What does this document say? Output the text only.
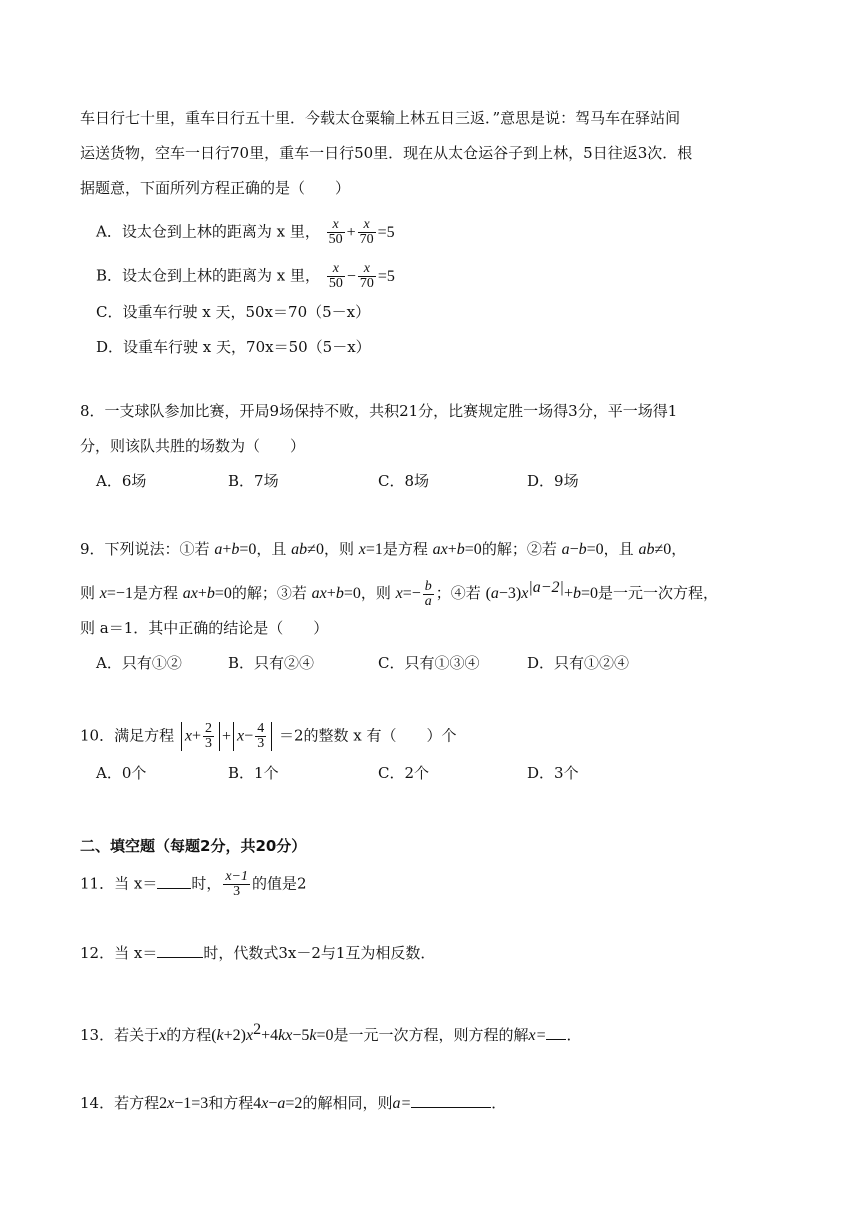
车日行七十里，重车日行五十里．今载太仓粟输上林五日三返．”意思是说：驾马车在驿站间
运送货物，空车一日行70里，重车一日行50里．现在从太仓运谷子到上林，5日往返3次．根
据题意，下面所列方程正确的是（　　）
A．设太仓到上林的距离为 x 里， $\frac{x}{50} + \frac{x}{70} =5$
B．设太仓到上林的距离为 x 里， $\frac{x}{50} - \frac{x}{70} =5$
C．设重车行驶 x 天，50x＝70（5－x）
D．设重车行驶 x 天，70x＝50（5－x）
8．一支球队参加比赛，开局9场保持不败，共积21分，比赛规定胜一场得3分，平一场得1
分，则该队共胜的场数为（　　）
A．6场	B．7场	C．8场	D．9场
9．下列说法：①若 a+b=0，且 ab≠0，则 x=1是方程 ax+b=0的解；②若 a−b=0，且 ab≠0，
则 x=−1是方程 ax+b=0的解；③若 ax+b=0，则 $x=- \frac{b}{a}$ ；④若 $(a-3)x^{|a-2|}+b=0$是一元一次方程，
则 a＝1．其中正确的结论是（　　）
A．只有①②	B．只有②④	C．只有①③④	D．只有①②④
10．满足方程 $x+ \frac{2}{3} + x- \frac{4}{3} =2$的整数 x 有（　　）个
A．0个	B．1个	C．2个	D．3个
二、填空题（每题2分，共20分）
11．当 x＝ 时， $\frac{x-1}{3}$ 的值是2
12．当 x＝	时，代数式3x－2与1互为相反数．
13．若关于x的方程$(k+2)x^2+4kx-5k=0$是一元一次方程，则方程的解x= ．
14．若方程2x−1=3和方程4x−a=2的解相同，则a=	．
